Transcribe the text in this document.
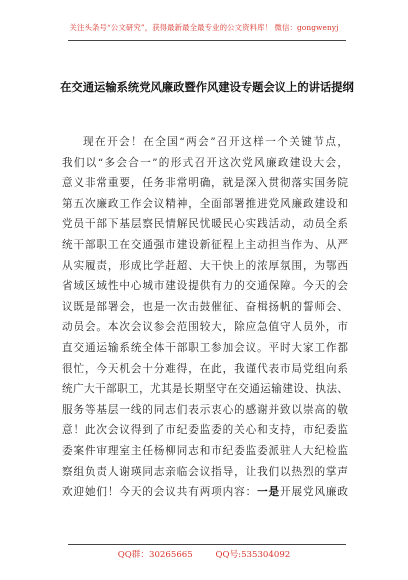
关注头条号“公文研究”，获得最新最全最专业的公文资料库！ 微信：gongwenyj
在交通运输系统党风廉政暨作风建设专题会议上的讲话提纲
现在开会！在全国“两会”召开这样一个关键节点，
我们以“多会合一”的形式召开这次党风廉政建设大会，
意义非常重要，任务非常明确，就是深入贯彻落实国务院
第五次廉政工作会议精神，全面部署推进党风廉政建设和
党员干部下基层察民情解民忧暖民心实践活动，动员全系
统干部职工在交通强市建设新征程上主动担当作为、从严
从实履责，形成比学赶超、大干快上的浓厚氛围，为鄂西
省域区域性中心城市建设提供有力的交通保障。今天的会
议既是部署会，也是一次击鼓催征、奋楫扬帆的誓师会、
动员会。本次会议参会范围较大，除应急值守人员外，市
直交通运输系统全体干部职工参加会议。平时大家工作都
很忙，今天机会十分难得，在此，我谨代表市局党组向系
统广大干部职工，尤其是长期坚守在交通运输建设、执法、
服务等基层一线的同志们表示衷心的感谢并致以崇高的敬
意！此次会议得到了市纪委监委的关心和支持，市纪委监
委案件审理室主任杨柳同志和市纪委监委派驻人大纪检监
察组负责人谢瑛同志亲临会议指导，让我们以热烈的掌声
欢迎她们！今天的会议共有两项内容：一是开展党风廉政
QQ群：30265665	QQ号:535304092
